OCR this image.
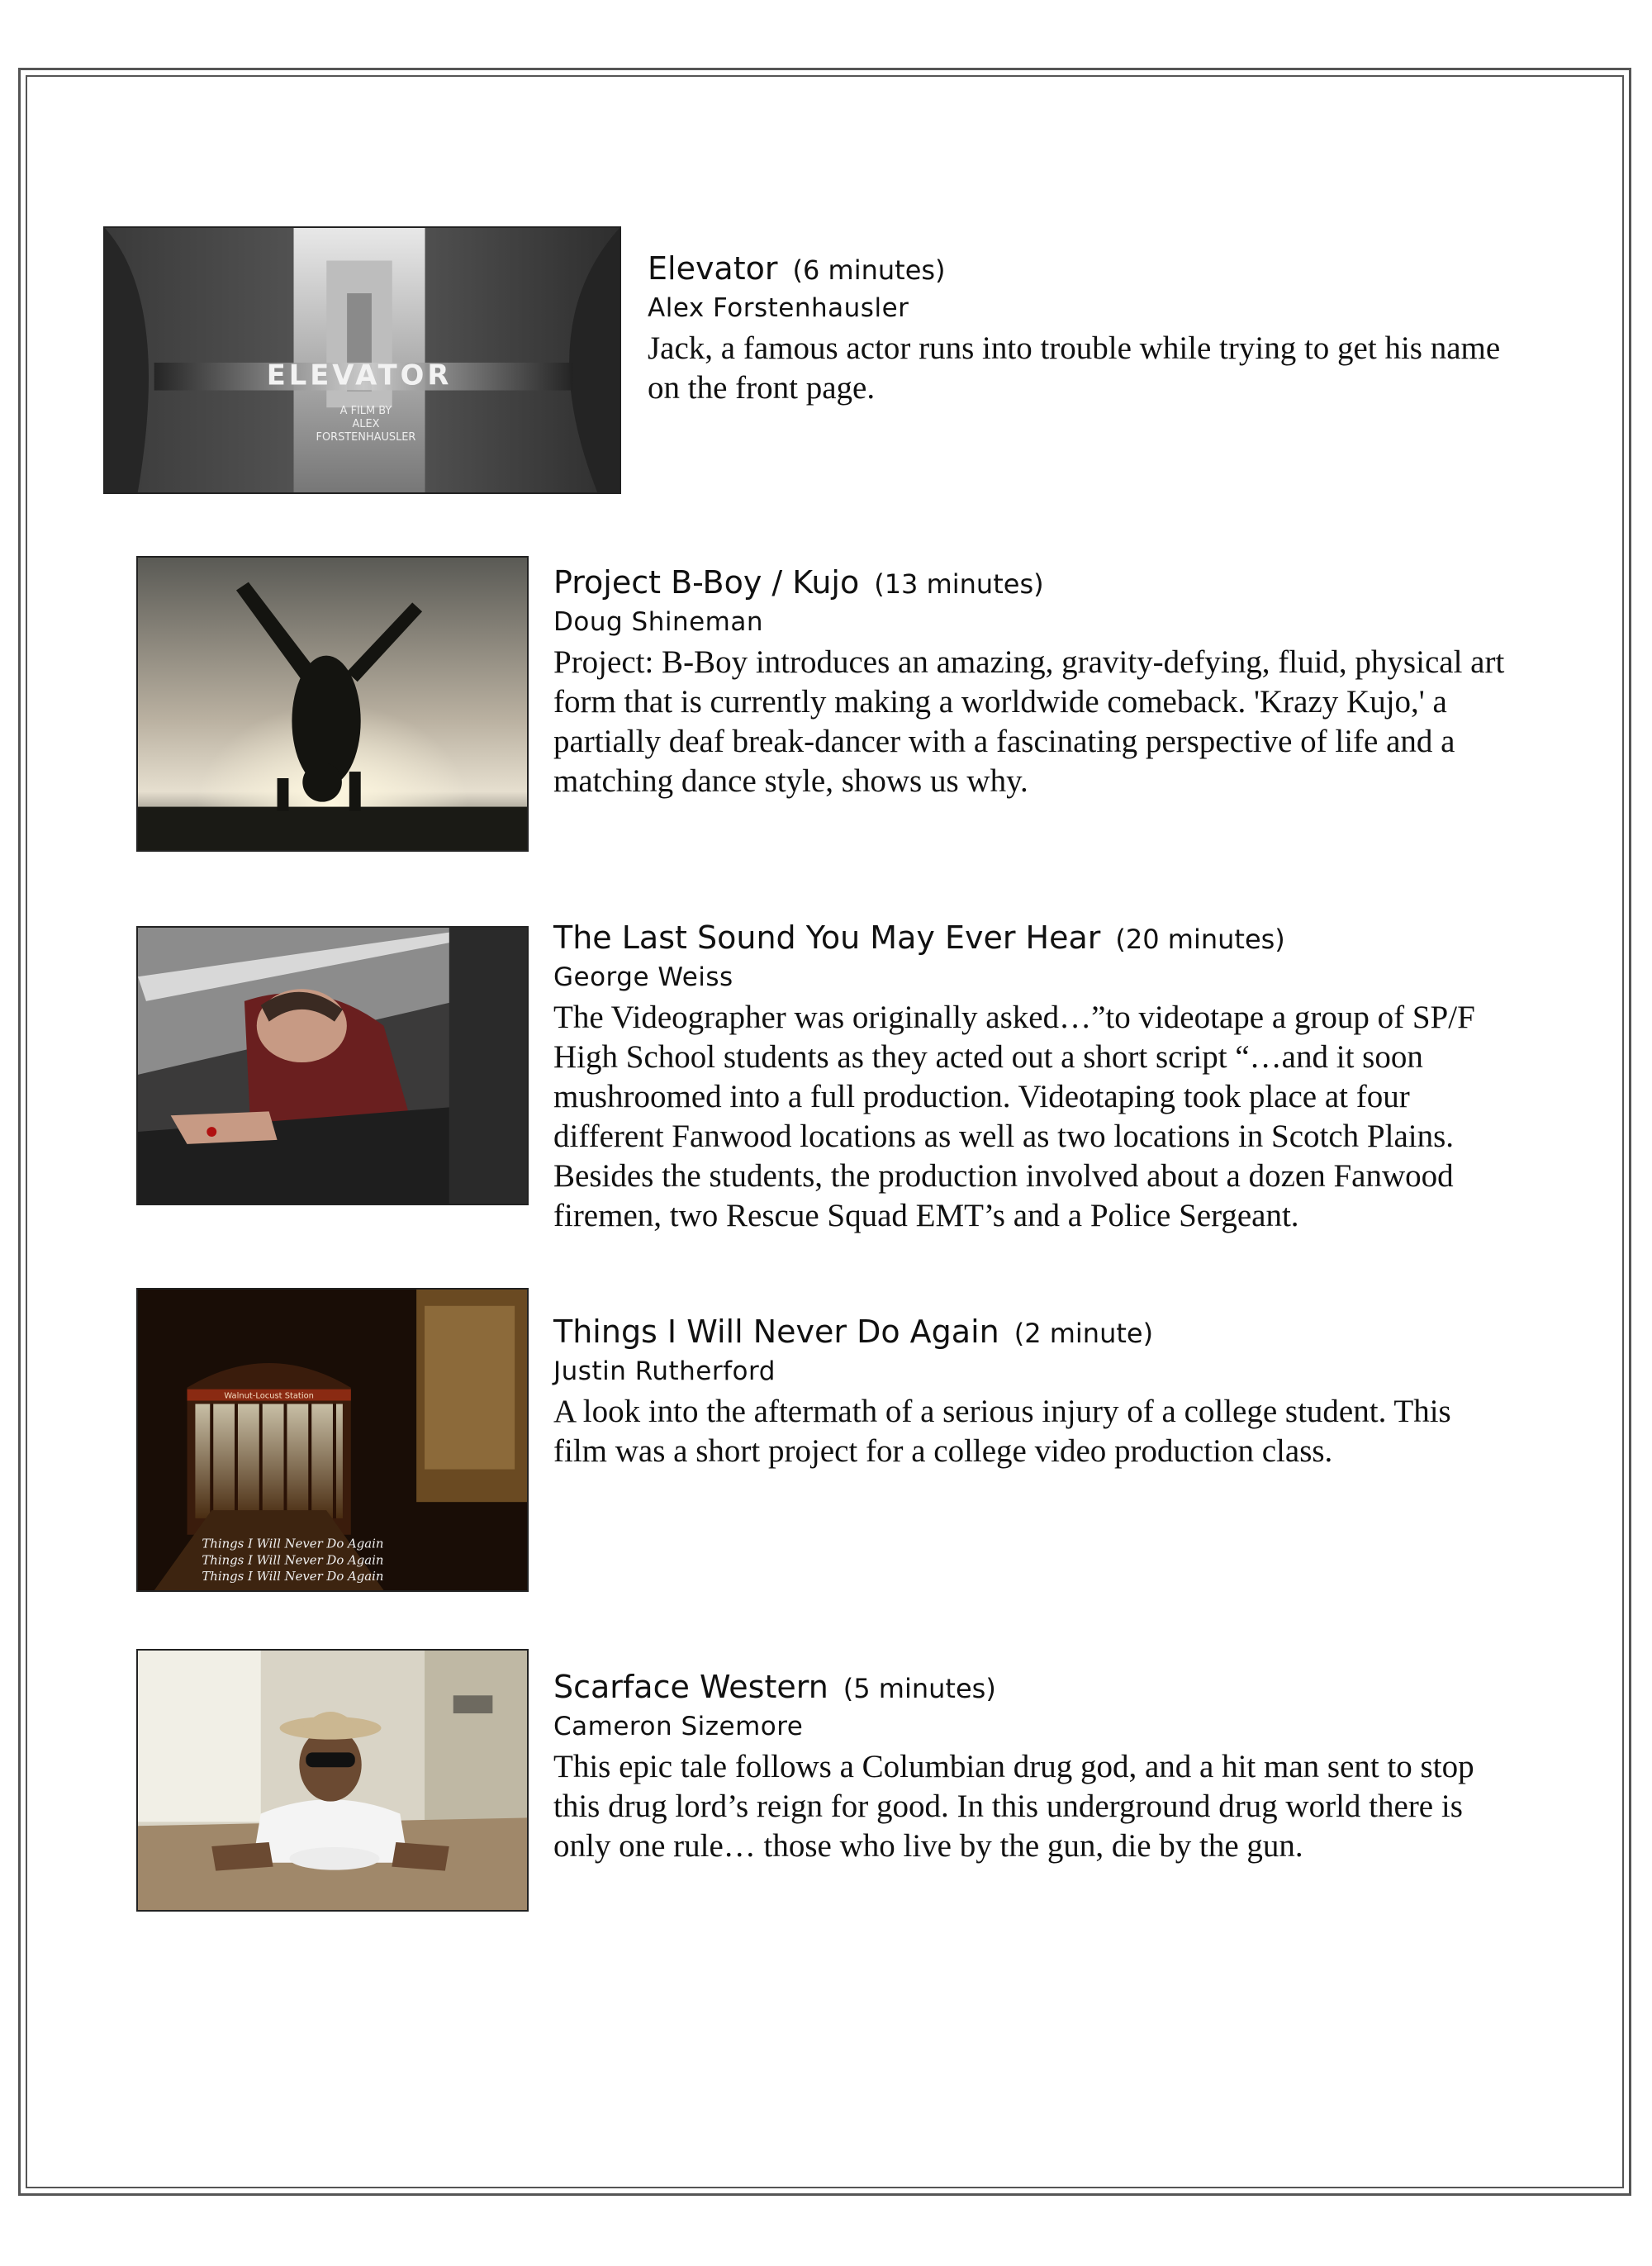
ELEVATOR
A FILM BY
ALEX
FORSTENHAUSLER
Elevator (6 minutes)
Alex Forstenhausler
Jack, a famous actor runs into trouble while trying to get his name on the front page.
Project B-Boy / Kujo (13 minutes)
Doug Shineman
Project: B-Boy introduces an amazing, gravity-defying, fluid, physical art form that is currently making a worldwide comeback. 'Krazy Kujo,' a partially deaf break-dancer with a fascinating perspective of life and a matching dance style, shows us why.
The Last Sound You May Ever Hear (20 minutes)
George Weiss
The Videographer was originally asked…”to videotape a group of SP/F High School students as they acted out a short script “…and it soon mushroomed into a full production. Videotaping took place at four different Fanwood locations as well as two locations in Scotch Plains. Besides the students, the production involved about a dozen Fanwood firemen, two Rescue Squad EMT’s and a Police Sergeant.
Walnut-Locust Station
Things I Will Never Do Again
Things I Will Never Do Again
Things I Will Never Do Again
Things I Will Never Do Again (2 minute)
Justin Rutherford
A look into the aftermath of a serious injury of a college student. This film was a short project for a college video production class.
Scarface Western (5 minutes)
Cameron Sizemore
This epic tale follows a Columbian drug god, and a hit man sent to stop this drug lord’s reign for good. In this underground drug world there is only one rule… those who live by the gun, die by the gun.
